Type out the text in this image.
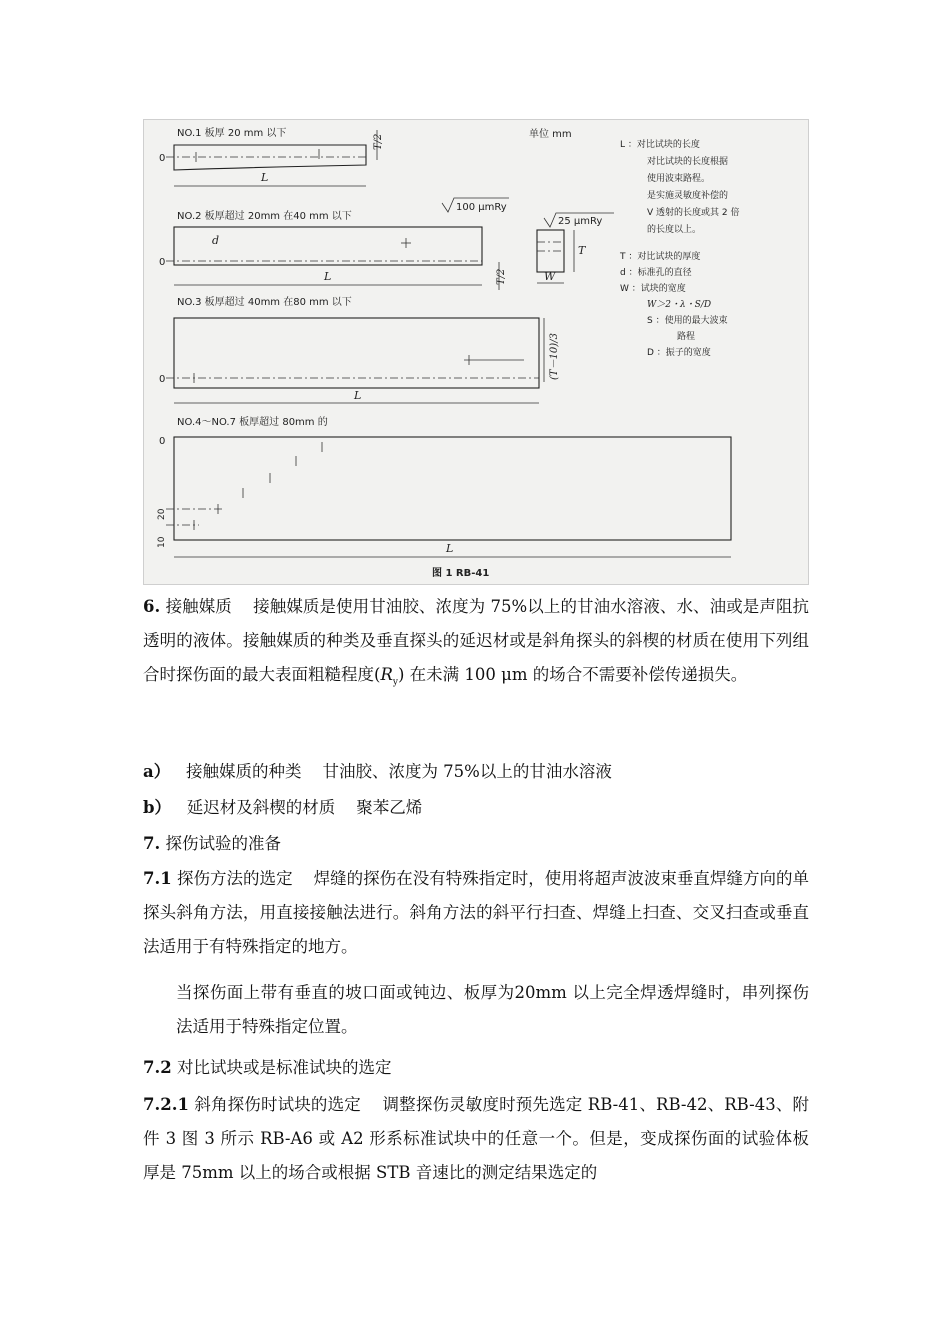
NO.1 板厚 20 mm 以下
0
L
T/2	单位 mm
NO.2 板厚超过 20mm 在40 mm 以下
0
d
L	T/2
100 μmRy
25 μmRy
T
W
NO.3 板厚超过 40mm 在80 mm 以下
0
L
(T－10)/3
NO.4～NO.7 板厚超过 80mm 的
0
20
10	L
图 1 RB-41
L ：对比试块的长度
对比试块的长度根据
使用波束路程。
是实施灵敏度补偿的
V 透射的长度或其 2 倍
的长度以上。
T ：对比试块的厚度
d ：标准孔的直径
W ：试块的宽度
W＞2・λ・S/D
S ：使用的最大波束
路程
D ：振子的宽度
6. 接触媒质 接触媒质是使用甘油胶、浓度为 75%以上的甘油水溶液、水、油或是声阻抗透明的液体。接触媒质的种类及垂直探头的延迟材或是斜角探头的斜楔的材质在使用下列组合时探伤面的最大表面粗糙程度$(R_y)$ 在未满 100 μm 的场合不需要补偿传递损失。
a） 接触媒质的种类 甘油胶、浓度为 75%以上的甘油水溶液
b） 延迟材及斜楔的材质 聚苯乙烯
7. 探伤试验的准备
7.1 探伤方法的选定 焊缝的探伤在没有特殊指定时，使用将超声波波束垂直焊缝方向的单探头斜角方法，用直接接触法进行。斜角方法的斜平行扫查、焊缝上扫查、交叉扫查或垂直法适用于有特殊指定的地方。
当探伤面上带有垂直的坡口面或钝边、板厚为20mm 以上完全焊透焊缝时，串列探伤法适用于特殊指定位置。
7.2 对比试块或是标准试块的选定
7.2.1 斜角探伤时试块的选定 调整探伤灵敏度时预先选定 RB-41、RB-42、RB-43、附件 3 图 3 所示 RB-A6 或 A2 形系标准试块中的任意一个。但是，变成探伤面的试验体板厚是 75mm 以上的场合或根据 STB 音速比的测定结果选定的
